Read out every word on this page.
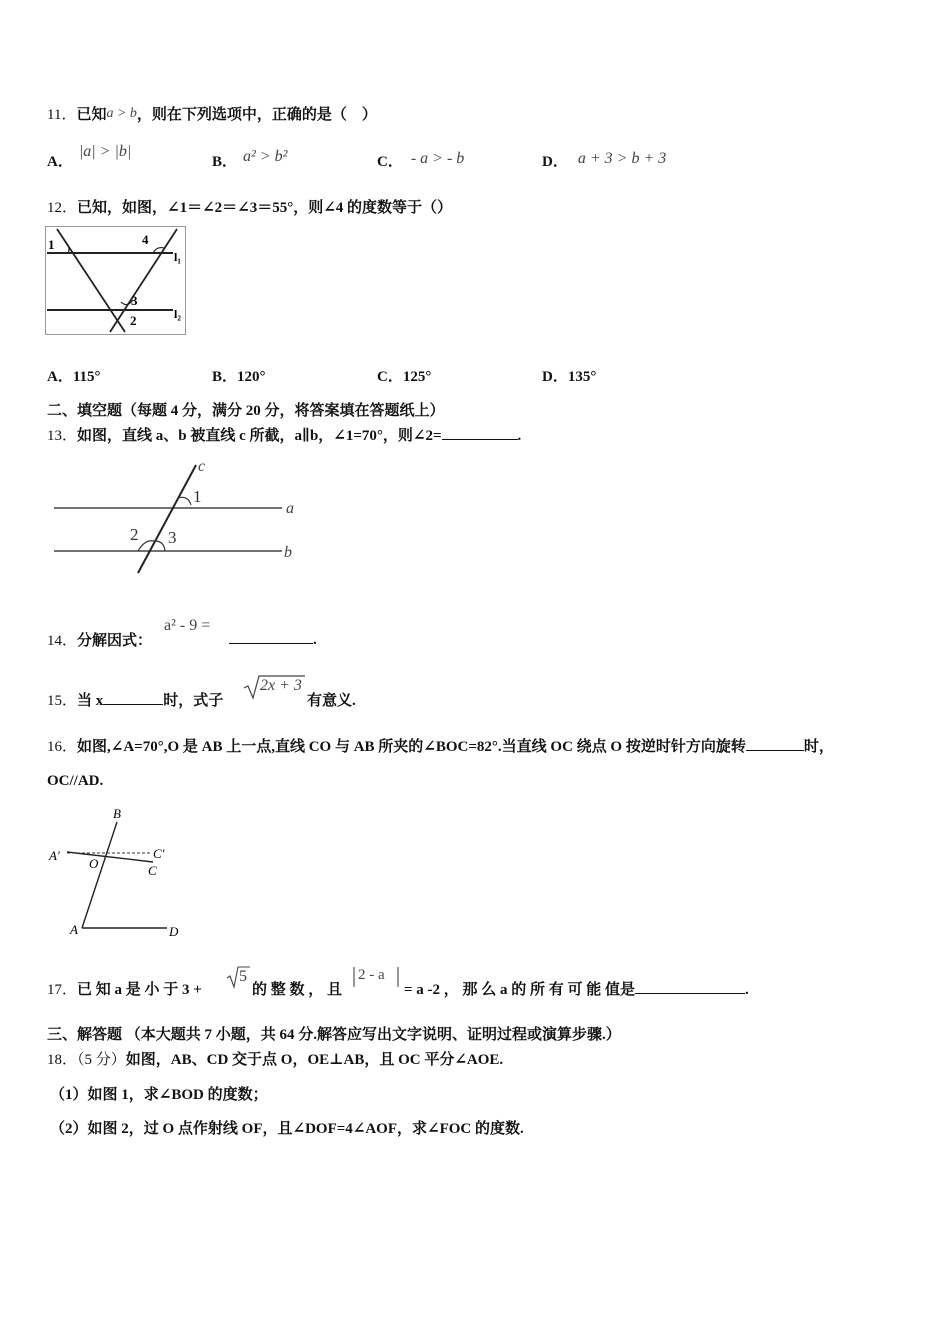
11．已知a > b，则在下列选项中，正确的是（　）
A．|a| > |b|
B． a² > b²	C． - a > - b	D． a + 3 > b + 3
12．已知，如图，∠1＝∠2＝∠3＝55°，则∠4 的度数等于（）
1	4
l₁
3
2	l₂
A．115°	B．120°	C．125°	D．135°
二、填空题（每题 4 分，满分 20 分，将答案填在答题纸上）
13．如图，直线 a、b 被直线 c 所截，a∥b，∠1=70°，则∠2=	.
c
1
a
2 3
b
14．分解因式：
a² - 9 =
.
15．当 x	时，式子
2x + 3
有意义.
16．如图,∠A=70°,O 是 AB 上一点,直线 CO 与 AB 所夹的∠BOC=82°.当直线 OC 绕点 O 按逆时针方向旋转	时，
OC//AD.
B
A′
O
C′
C
A	D
17．已 知 a 是 小 于 3 +
5
的 整 数 ， 且
2 - a
= a -2 ， 那 么 a 的 所 有 可 能 值是	.
三、解答题 （本大题共 7 小题，共 64 分.解答应写出文字说明、证明过程或演算步骤.）
18．（5 分）如图，AB、CD 交于点 O，OE⊥AB，且 OC 平分∠AOE.
（1）如图 1，求∠BOD 的度数；
（2）如图 2，过 O 点作射线 OF，且∠DOF=4∠AOF，求∠FOC 的度数.
